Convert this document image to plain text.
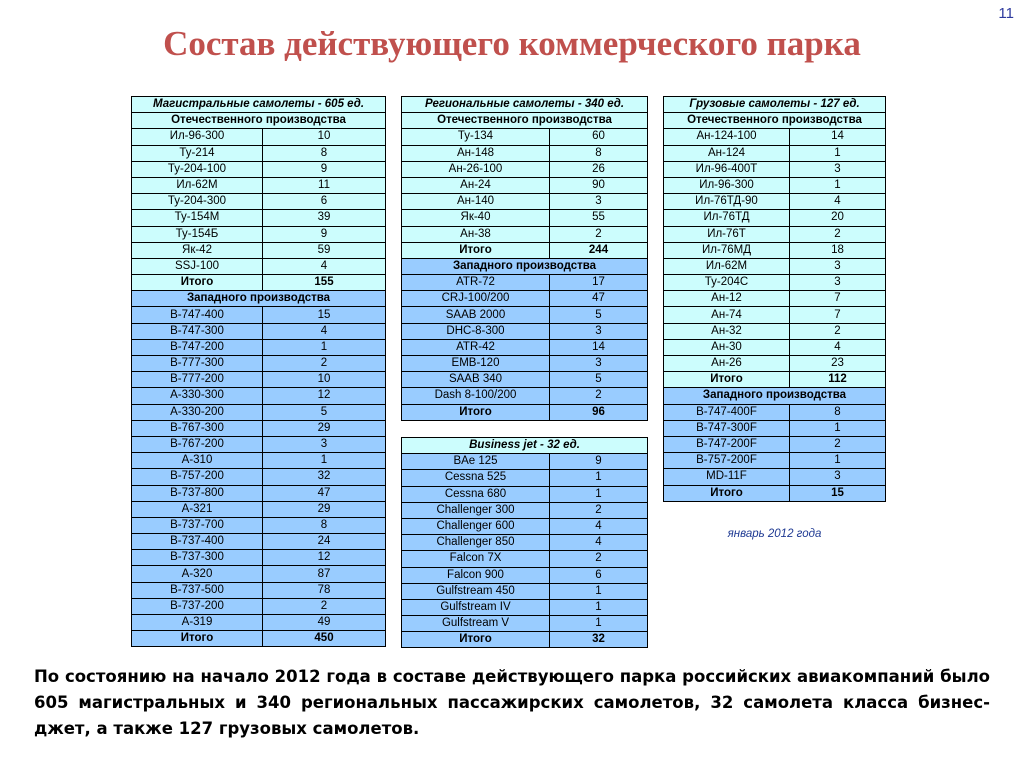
11
Состав действующего коммерческого парка
Магистральные самолеты - 605 ед.	
Отечественного производства	
Ил-96-300	10
Ту-214	8
Ту-204-100	9
Ил-62М	11
Ту-204-300	6
Ту-154М	39
Ту-154Б	9
Як-42	59
SSJ-100	4
Итого	155
Западного производства	
B-747-400	15
B-747-300	4
B-747-200	1
B-777-300	2
B-777-200	10
A-330-300	12
A-330-200	5
B-767-300	29
B-767-200	3
A-310	1
B-757-200	32
B-737-800	47
A-321	29
B-737-700	8
B-737-400	24
B-737-300	12
A-320	87
B-737-500	78
B-737-200	2
A-319	49
Итого	450
Региональные самолеты - 340 ед.	
Отечественного производства	
Ту-134	60
Ан-148	8
Ан-26-100	26
Ан-24	90
Ан-140	3
Як-40	55
Ан-38	2
Итого	244
Западного производства	
ATR-72	17
CRJ-100/200	47
SAAB 2000	5
DHC-8-300	3
ATR-42	14
EMB-120	3
SAAB 340	5
Dash 8-100/200	2
Итого	96
Business jet - 32 ед.	
BAe 125	9
Cessna 525	1
Cessna 680	1
Challenger 300	2
Challenger 600	4
Challenger 850	4
Falcon 7X	2
Falcon 900	6
Gulfstream 450	1
Gulfstream IV	1
Gulfstream V	1
Итого	32
Грузовые самолеты - 127 ед.	
Отечественного производства	
Ан-124-100	14
Ан-124	1
Ил-96-400Т	3
Ил-96-300	1
Ил-76ТД-90	4
Ил-76ТД	20
Ил-76Т	2
Ил-76МД	18
Ил-62М	3
Ту-204С	3
Ан-12	7
Ан-74	7
Ан-32	2
Ан-30	4
Ан-26	23
Итого	112
Западного производства	
B-747-400F	8
B-747-300F	1
B-747-200F	2
B-757-200F	1
MD-11F	3
Итого	15
январь 2012 года
По состоянию на начало 2012 года в составе действующего парка российских авиакомпаний было 605 магистральных и 340 региональных пассажирских самолетов, 32 самолета класса бизнес-джет, а также 127 грузовых самолетов.
